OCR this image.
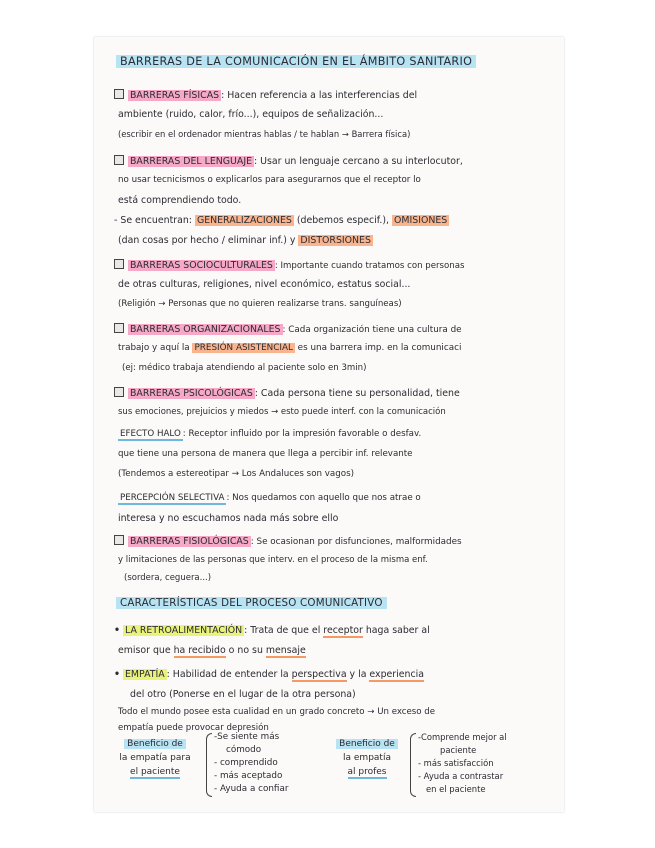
BARRERAS DE LA COMUNICACIÓN EN EL ÁMBITO SANITARIO
BARRERAS FÍSICAS : Hacen referencia a las interferencias del
ambiente (ruido, calor, frío...), equipos de señalización...
(escribir en el ordenador mientras hablas / te hablan → Barrera física)
BARRERAS DEL LENGUAJE : Usar un lenguaje cercano a su interlocutor,
no usar tecnicismos o explicarlos para asegurarnos que el receptor lo
está comprendiendo todo.
- Se encuentran: GENERALIZACIONES (debemos especif.), OMISIONES
(dan cosas por hecho / eliminar inf.) y DISTORSIONES
BARRERAS SOCIOCULTURALES : Importante cuando tratamos con personas
de otras culturas, religiones, nivel económico, estatus social...
(Religión → Personas que no quieren realizarse trans. sanguíneas)
BARRERAS ORGANIZACIONALES : Cada organización tiene una cultura de
trabajo y aquí la PRESIÓN ASISTENCIAL es una barrera imp. en la comunicaci
(ej: médico trabaja atendiendo al paciente solo en 3min)
BARRERAS PSICOLÓGICAS : Cada persona tiene su personalidad, tiene
sus emociones, prejuicios y miedos → esto puede interf. con la comunicación
EFECTO HALO : Receptor influido por la impresión favorable o desfav.
que tiene una persona de manera que llega a percibir inf. relevante
(Tendemos a estereotipar → Los Andaluces son vagos)
PERCEPCIÓN SELECTIVA : Nos quedamos con aquello que nos atrae o
interesa y no escuchamos nada más sobre ello
BARRERAS FISIOLÓGICAS : Se ocasionan por disfunciones, malformidades
y limitaciones de las personas que interv. en el proceso de la misma enf.
(sordera, ceguera...)
CARACTERÍSTICAS DEL PROCESO COMUNICATIVO
• LA RETROALIMENTACIÓN : Trata de que el receptor haga saber al
emisor que ha recibido o no su mensaje
• EMPATÍA : Habilidad de entender la perspectiva y la experiencia
del otro (Ponerse en el lugar de la otra persona)
Todo el mundo posee esta cualidad en un grado concreto → Un exceso de
empatía puede provocar depresión
Beneficio de
la empatía para
el paciente
-Se siente más
cómodo
- comprendido
- más aceptado
- Ayuda a confiar
Beneficio de
la empatía
al profes
-Comprende mejor al
paciente
- más satisfacción
- Ayuda a contrastar
en el paciente
